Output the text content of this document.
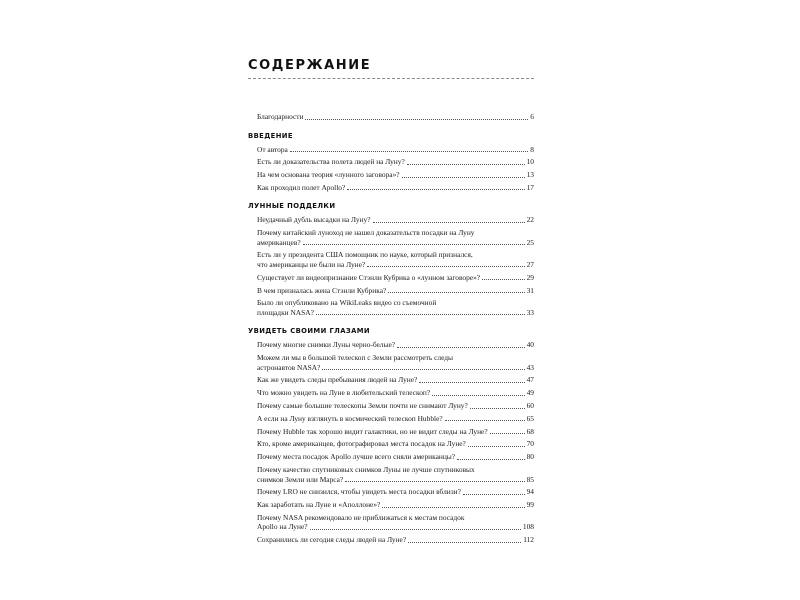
СОДЕРЖАНИЕ
Благодарности	6
ВВЕДЕНИЕ
От автора	8
Есть ли доказательства полета людей на Луну?	10
На чем основана теория «лунного заговора»?	13
Как проходил полет Apollo?	17
ЛУННЫЕ ПОДДЕЛКИ
Неудачный дубль высадки на Луну?	22
Почему китайский луноход не нашел доказательств посадки на Луну
американцев?	25
Есть ли у президента США помощник по науке, который признался,
что американцы не были на Луне?	27
Существует ли видеопризнание Стэнли Кубрика о «лунном заговоре»?	29
В чем призналась жена Стэнли Кубрика?	31
Было ли опубликовано на WikiLeaks видео со съемочной
площадки NASA?	33
УВИДЕТЬ СВОИМИ ГЛАЗАМИ
Почему многие снимки Луны черно-белые?	40
Можем ли мы в большой телескоп с Земли рассмотреть следы
астронавтов NASA?	43
Как же увидеть следы пребывания людей на Луне?	47
Что можно увидеть на Луне в любительский телескоп?	49
Почему самые большие телескопы Земли почти не снимают Луну?	60
А если на Луну взглянуть в космический телескоп Hubble?	65
Почему Hubble так хорошо видит галактики, но не видит следы на Луне?	68
Кто, кроме американцев, фотографировал места посадок на Луне?	70
Почему места посадок Apollo лучше всего сняли американцы?	80
Почему качество спутниковых снимков Луны не лучше спутниковых
снимков Земли или Марса?	85
Почему LRO не снизился, чтобы увидеть места посадки вблизи?	94
Как заработать на Луне и «Аполлоне»?	99
Почему NASA рекомендовало не приближаться к местам посадок
Apollo на Луне?	108
Сохранились ли сегодня следы людей на Луне?	112
